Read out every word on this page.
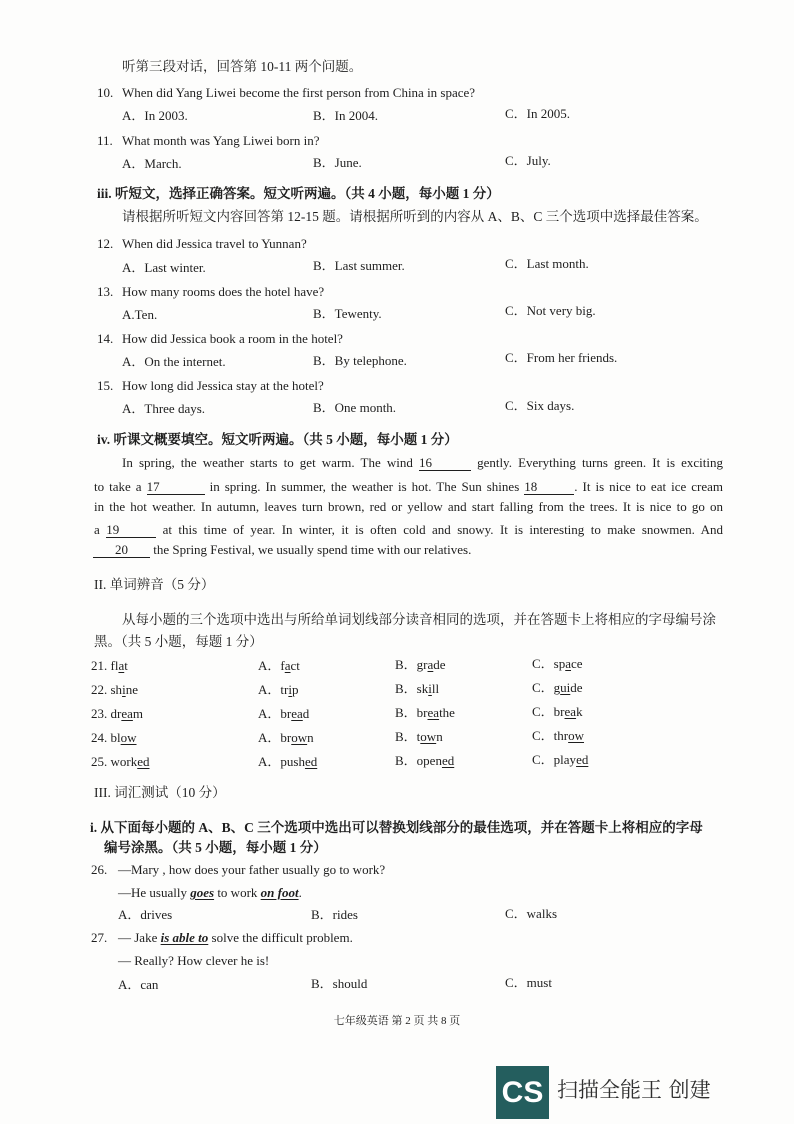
听第三段对话，回答第 10-11 两个问题。
10. When did Yang Liwei become the first person from China in space?
A．In 2003.	B．In 2004.	C．In 2005.
11. What month was Yang Liwei born in?
A．March.	B．June.	C．July.
iii. 听短文，选择正确答案。短文听两遍。（共 4 小题，每小题 1 分）
请根据所听短文内容回答第 12-15 题。请根据所听到的内容从 A、B、C 三个选项中选择最佳答案。
12. When did Jessica travel to Yunnan?
A．Last winter.	B．Last summer.	C．Last month.
13. How many rooms does the hotel have?
A.Ten.	B．Tewenty.	C．Not very big.
14. How did Jessica book a room in the hotel?
A．On the internet.	B．By telephone.	C．From her friends.
15. How long did Jessica stay at the hotel?
A．Three days.	B．One month.	C．Six days.
iv. 听课文概要填空。短文听两遍。（共 5 小题，每小题 1 分）
In spring, the weather starts to get warm. The wind 16	gently. Everything turns green. It is exciting
to take a 17	in spring. In summer, the weather is hot. The Sun shines 18	. It is nice to eat ice cream
in the hot weather. In autumn, leaves turn brown, red or yellow and start falling from the trees. It is nice to go on
a 19	at this time of year. In winter, it is often cold and snowy. It is interesting to make snowmen. And
20 the Spring Festival, we usually spend time with our relatives.
II. 单词辨音（5 分）
从每小题的三个选项中选出与所给单词划线部分读音相同的选项，并在答题卡上将相应的字母编号涂
黑。（共 5 小题，每题 1 分）
21. flat	A．fact	B．grade	C．space
22. shine	A．trip	B．skill	C．guide
23. dream	A．bread	B．breathe	C．break
24. blow	A．brown	B．town	C．throw
25. worked	A．pushed	B．opened	C．played
III. 词汇测试（10 分）
i. 从下面每小题的 A、B、C 三个选项中选出可以替换划线部分的最佳选项，并在答题卡上将相应的字母
编号涂黑。（共 5 小题，每小题 1 分）
26. —Mary , how does your father usually go to work?
—He usually goes to work on foot.
A．drives	B．rides	C．walks
27. — Jake is able to solve the difficult problem.
— Really? How clever he is!
A．can	B．should	C．must
七年级英语 第 2 页 共 8 页
CS 扫描全能王 创建
